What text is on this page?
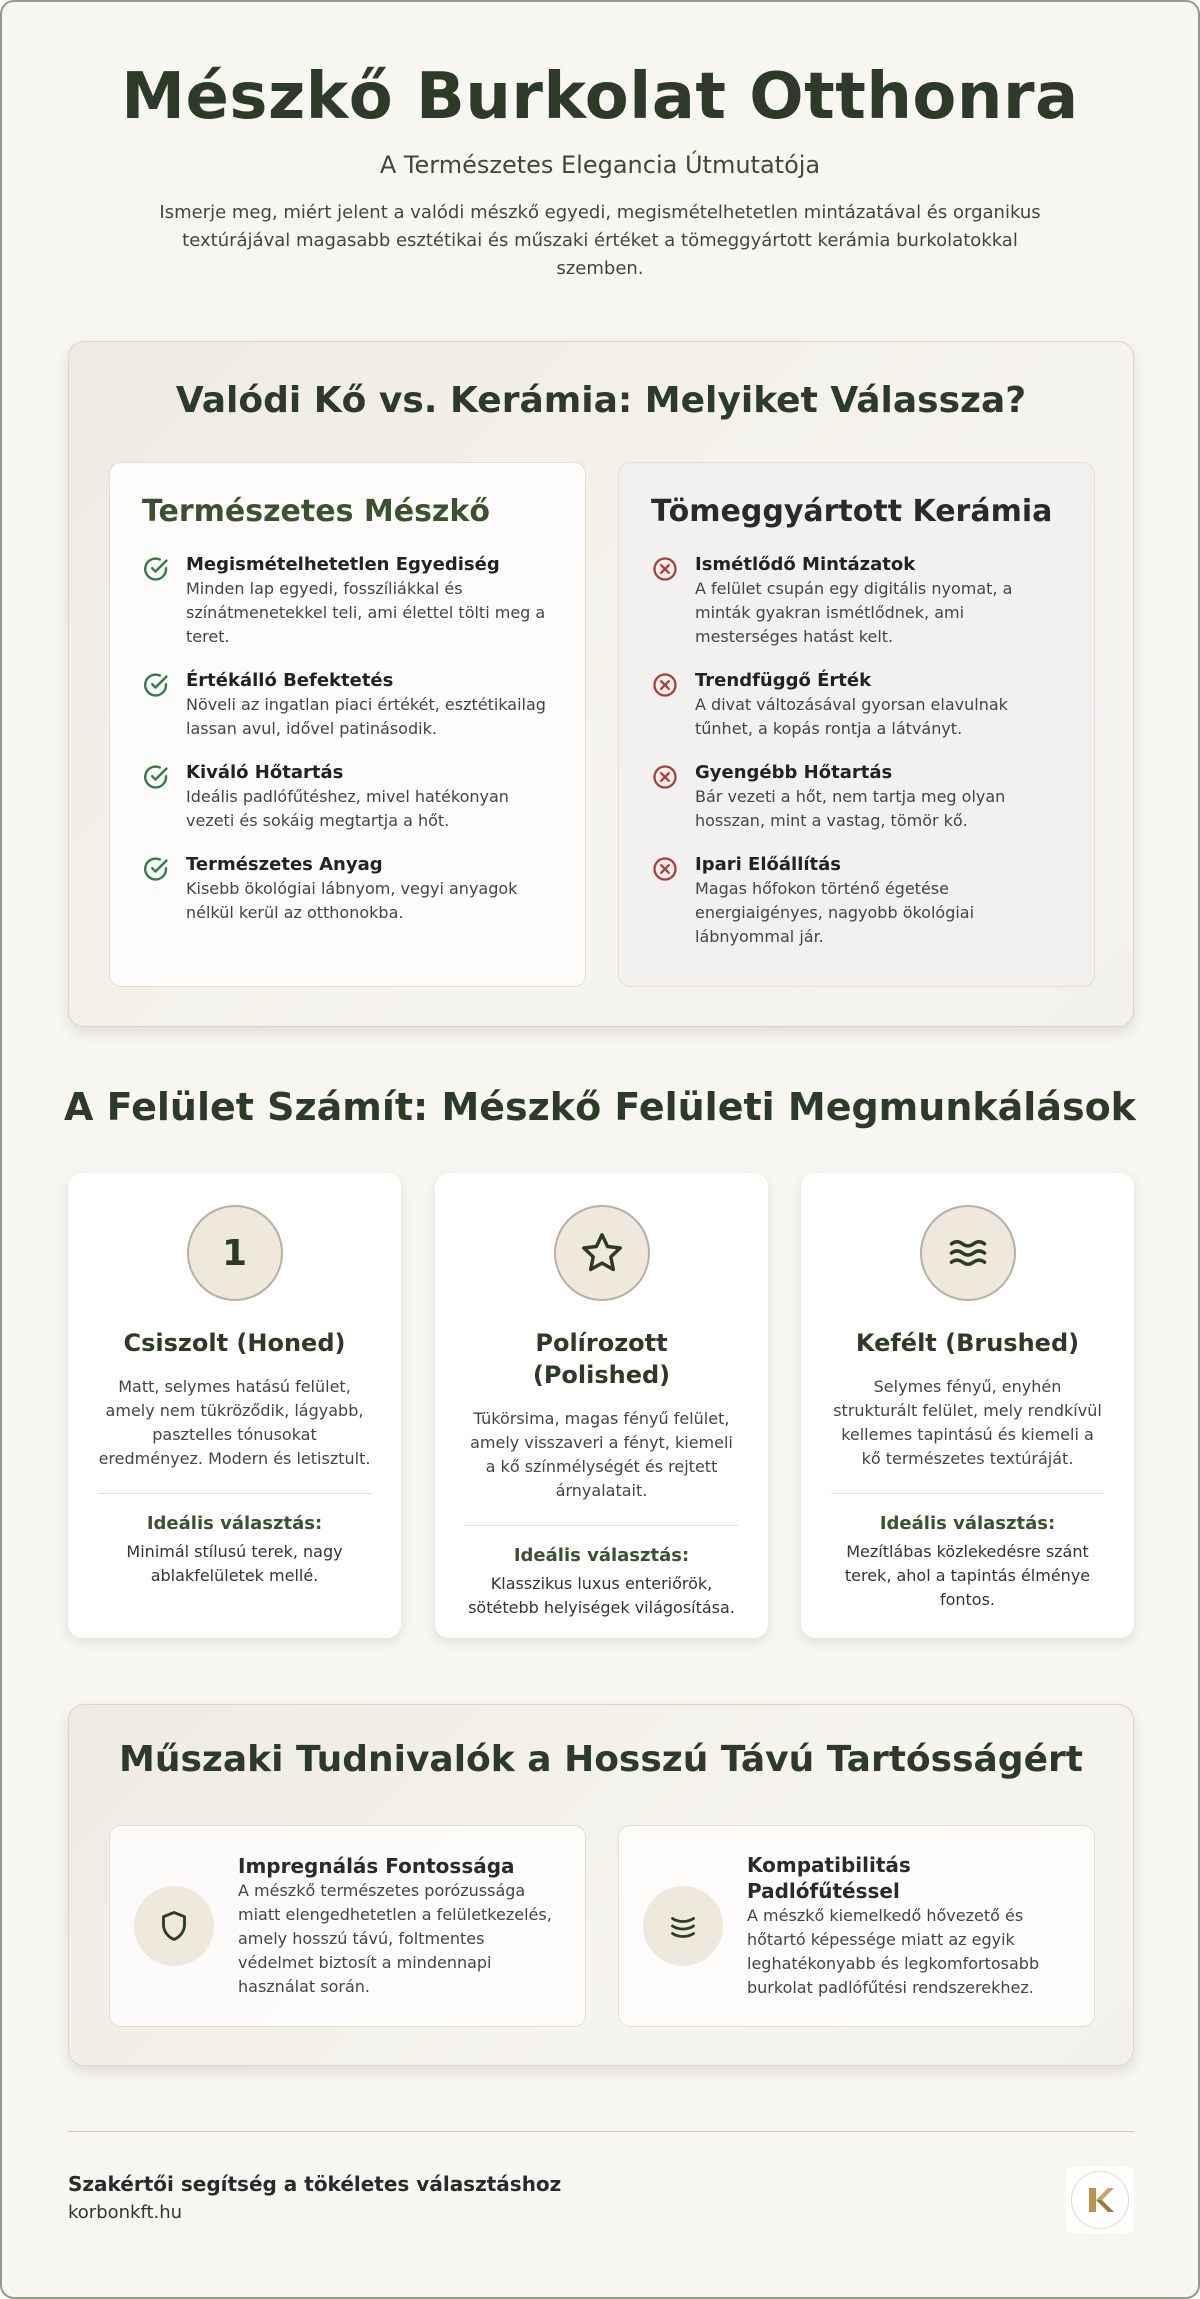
Mészkő Burkolat Otthonra
A Természetes Elegancia Útmutatója

Ismerje meg, miért jelent a valódi mészkő egyedi, megismételhetetlen mintázatával és organikus textúrájával magasabb esztétikai és műszaki értéket a tömeggyártott kerámia burkolatokkal szemben.

Valódi Kő vs. Kerámia: Melyiket Válassza?
Természetes Mészkő
Megismételhetetlen Egyediség
Minden lap egyedi, fosszíliákkal és színátmenetekkel teli, ami élettel tölti meg a teret.
Értékálló Befektetés
Növeli az ingatlan piaci értékét, esztétikailag lassan avul, idővel patinásodik.
Kiváló Hőtartás
Ideális padlófűtéshez, mivel hatékonyan vezeti és sokáig megtartja a hőt.
Természetes Anyag
Kisebb ökológiai lábnyom, vegyi anyagok nélkül kerül az otthonokba.
Tömeggyártott Kerámia
Ismétlődő Mintázatok
A felület csupán egy digitális nyomat, a minták gyakran ismétlődnek, ami mesterséges hatást kelt.
Trendfüggő Érték
A divat változásával gyorsan elavulnak tűnhet, a kopás rontja a látványt.
Gyengébb Hőtartás
Bár vezeti a hőt, nem tartja meg olyan hosszan, mint a vastag, tömör kő.
Ipari Előállítás
Magas hőfokon történő égetése energiaigényes, nagyobb ökológiai lábnyommal jár.
A Felület Számít: Mészkő Felületi Megmunkálások
1
Csiszolt (Honed)

Matt, selymes hatású felület, amely nem tükröződik, lágyabb, pasztelles tónusokat eredményez. Modern és letisztult.

Ideális választás:
Minimál stílusú terek, nagy ablakfelületek mellé.
Polírozott (Polished)

Tükörsima, magas fényű felület, amely visszaveri a fényt, kiemeli a kő színmélységét és rejtett árnyalatait.

Ideális választás:
Klasszikus luxus enteriőrök, sötétebb helyiségek világosítása.
Kefélt (Brushed)

Selymes fényű, enyhén strukturált felület, mely rendkívül kellemes tapintású és kiemeli a kő természetes textúráját.

Ideális választás:
Mezítlábas közlekedésre szánt terek, ahol a tapintás élménye fontos.
Műszaki Tudnivalók a Hosszú Távú Tartósságért
Impregnálás Fontossága
A mészkő természetes porózussága miatt elengedhetetlen a felületkezelés, amely hosszú távú, foltmentes védelmet biztosít a mindennapi használat során.
Kompatibilitás Padlófűtéssel
A mészkő kiemelkedő hővezető és hőtartó képessége miatt az egyik leghatékonyabb és legkomfortosabb burkolat padlófűtési rendszerekhez.
Szakértői segítség a tökéletes választáshoz
korbonkft.hu
